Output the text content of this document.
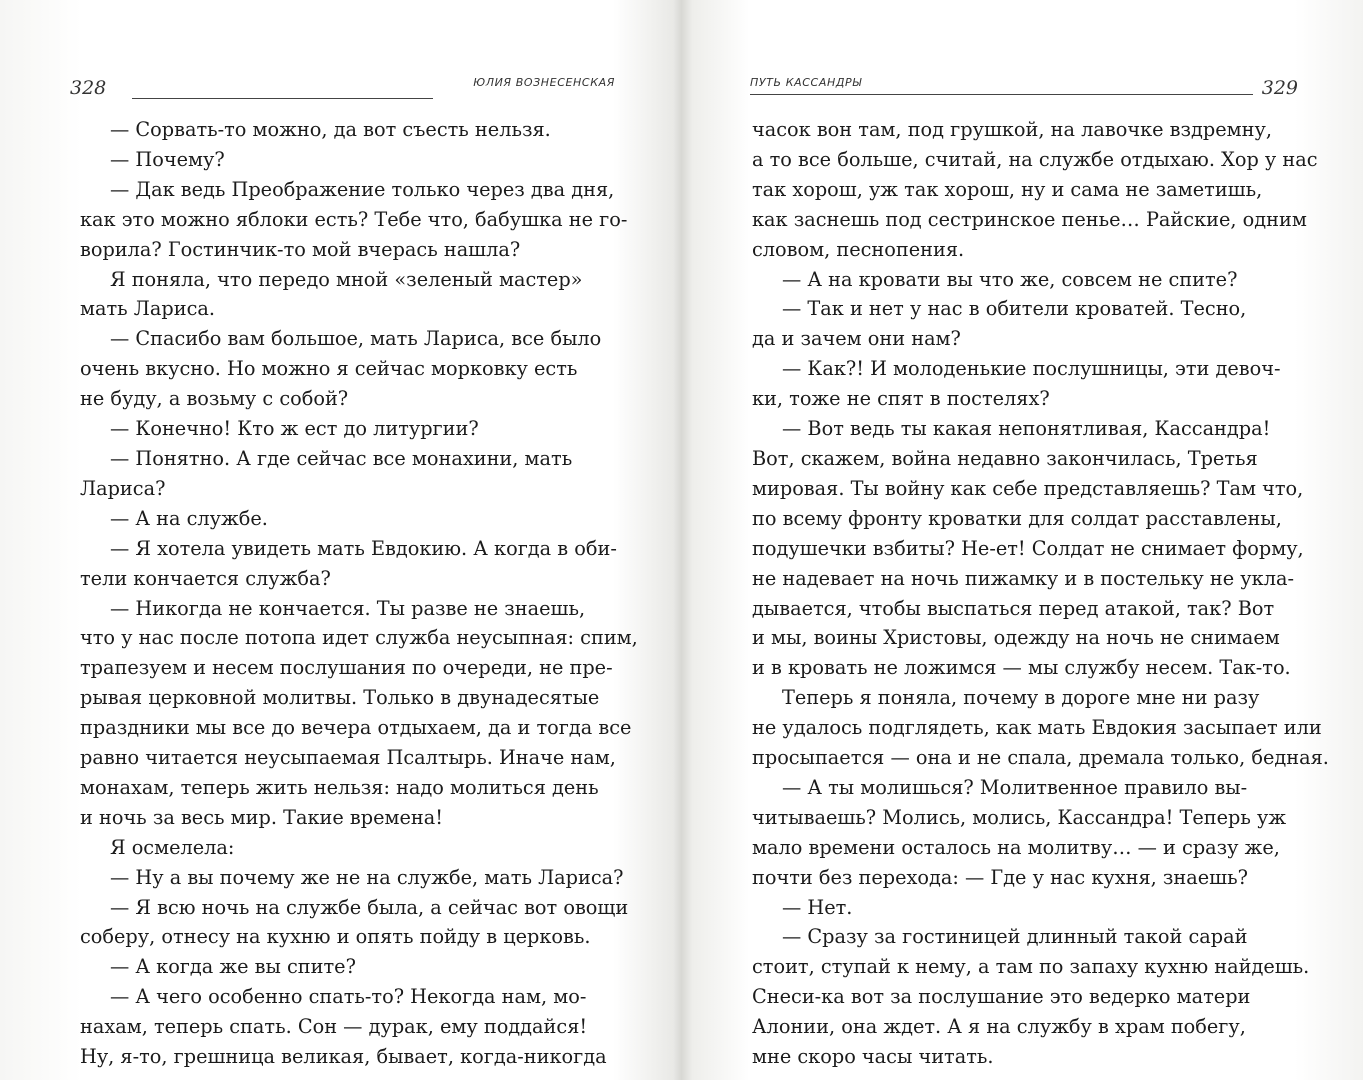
328	ЮЛИЯ ВОЗНЕСЕНСКАЯ
— Сорвать-то можно, да вот съесть нельзя.
— Почему?
— Дак ведь Преображение только через два дня,
как это можно яблоки есть? Тебе что, бабушка не го-
ворила? Гостинчик-то мой вчерась нашла?
Я поняла, что передо мной «зеленый мастер»
мать Лариса.
— Спасибо вам большое, мать Лариса, все было
очень вкусно. Но можно я сейчас морковку есть
не буду, а возьму с собой?
— Конечно! Кто ж ест до литургии?
— Понятно. А где сейчас все монахини, мать
Лариса?
— А на службе.
— Я хотела увидеть мать Евдокию. А когда в оби-
тели кончается служба?
— Никогда не кончается. Ты разве не знаешь,
что у нас после потопа идет служба неусыпная: спим,
трапезуем и несем послушания по очереди, не пре-
рывая церковной молитвы. Только в двунадесятые
праздники мы все до вечера отдыхаем, да и тогда все
равно читается неусыпаемая Псалтырь. Иначе нам,
монахам, теперь жить нельзя: надо молиться день
и ночь за весь мир. Такие времена!
Я осмелела:
— Ну а вы почему же не на службе, мать Лариса?
— Я всю ночь на службе была, а сейчас вот овощи
соберу, отнесу на кухню и опять пойду в церковь.
— А когда же вы спите?
— А чего особенно спать-то? Некогда нам, мо-
нахам, теперь спать. Сон — дурак, ему поддайся!
Ну, я-то, грешница великая, бывает, когда-никогда
ПУТЬ КАССАНДРЫ	329
часок вон там, под грушкой, на лавочке вздремну,
а то все больше, считай, на службе отдыхаю. Хор у нас
так хорош, уж так хорош, ну и сама не заметишь,
как заснешь под сестринское пенье… Райские, одним
словом, песнопения.
— А на кровати вы что же, совсем не спите?
— Так и нет у нас в обители кроватей. Тесно,
да и зачем они нам?
— Как?! И молоденькие послушницы, эти девоч-
ки, тоже не спят в постелях?
— Вот ведь ты какая непонятливая, Кассандра!
Вот, скажем, война недавно закончилась, Третья
мировая. Ты войну как себе представляешь? Там что,
по всему фронту кроватки для солдат расставлены,
подушечки взбиты? Не-ет! Солдат не снимает форму,
не надевает на ночь пижамку и в постельку не укла-
дывается, чтобы выспаться перед атакой, так? Вот
и мы, воины Христовы, одежду на ночь не снимаем
и в кровать не ложимся — мы службу несем. Так-то.
Теперь я поняла, почему в дороге мне ни разу
не удалось подглядеть, как мать Евдокия засыпает или
просыпается — она и не спала, дремала только, бедная.
— А ты молишься? Молитвенное правило вы-
читываешь? Молись, молись, Кассандра! Теперь уж
мало времени осталось на молитву… — и сразу же,
почти без перехода: — Где у нас кухня, знаешь?
— Нет.
— Сразу за гостиницей длинный такой сарай
стоит, ступай к нему, а там по запаху кухню найдешь.
Снеси-ка вот за послушание это ведерко матери
Алонии, она ждет. А я на службу в храм побегу,
мне скоро часы читать.
